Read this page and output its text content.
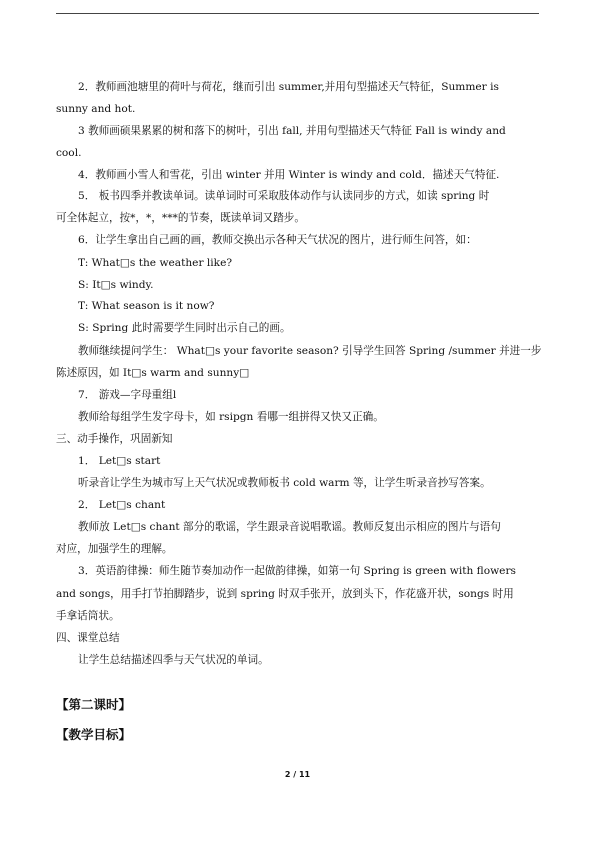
2．教师画池塘里的荷叶与荷花，继而引出 summer,并用句型描述天气特征，Summer is
sunny and hot.
3 教师画硕果累累的树和落下的树叶，引出 fall, 并用句型描述天气特征 Fall is windy and
cool.
4．教师画小雪人和雪花，引出 winter 并用 Winter is windy and cold．描述天气特征.
5． 板书四季并教读单词。读单词时可采取肢体动作与认读同步的方式，如读 spring 时
可全体起立，按*，*，***的节奏，既读单词又踏步。
6．让学生拿出自己画的画，教师交换出示各种天气状况的图片，进行师生问答，如：
T: What□s the weather like?
S: It□s windy.
T: What season is it now?
S: Spring 此时需要学生同时出示自己的画。
教师继续提问学生： What□s your favorite season? 引导学生回答 Spring /summer 并进一步
陈述原因，如 It□s warm and sunny□
7． 游戏—字母重组l
教师给每组学生发字母卡，如 rsipgn 看哪一组拼得又快又正确。
三、动手操作，巩固新知
1． Let□s start
听录音让学生为城市写上天气状况或教师板书 cold warm 等，让学生听录音抄写答案。
2． Let□s chant
教师放 Let□s chant 部分的歌谣，学生跟录音说唱歌谣。教师反复出示相应的图片与语句
对应，加强学生的理解。
3．英语韵律操：师生随节奏加动作一起做韵律操，如第一句 Spring is green with flowers
and songs，用手打节拍脚踏步，说到 spring 时双手张开，放到头下，作花盛开状，songs 时用
手拿话筒状。
四、课堂总结
让学生总结描述四季与天气状况的单词。
【第二课时】
【教学目标】
2 / 11
